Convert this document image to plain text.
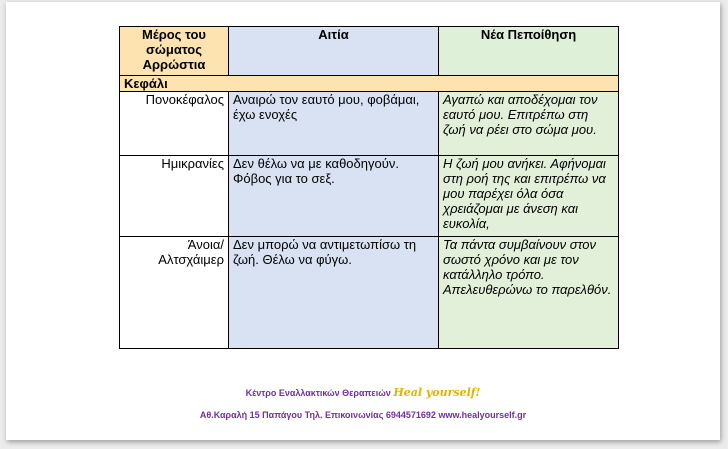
Μέρος του σώματος Αρρώστια	Αιτία	Νέα Πεποίθηση
Κεφάλι		
Πονοκέφαλος	Αναιρώ τον εαυτό μου, φοβάμαι, έχω ενοχές	Αγαπώ και αποδέχομαι τον εαυτό μου. Επιτρέπω στη ζωή να ρέει στο σώμα μου.
Ημικρανίες	Δεν θέλω να με καθοδηγούν. Φόβος για το σεξ.	Η ζωή μου ανήκει. Αφήνομαι στη ροή της και επιτρέπω να μου παρέχει όλα όσα χρειάζομαι με άνεση και ευκολία,
Άνοια/ Αλτσχάιμερ	Δεν μπορώ να αντιμετωπίσω τη ζωή. Θέλω να φύγω.	Τα πάντα συμβαίνουν στον σωστό χρόνο και με τον κατάλληλο τρόπο. Απελευθερώνω το παρελθόν.
Κέντρο Εναλλακτικών Θεραπειών Heal yourself!
Αθ.Καραλή 15 Παπάγου Τηλ. Επικοινωνίας 6944571692 www.healyourself.gr
